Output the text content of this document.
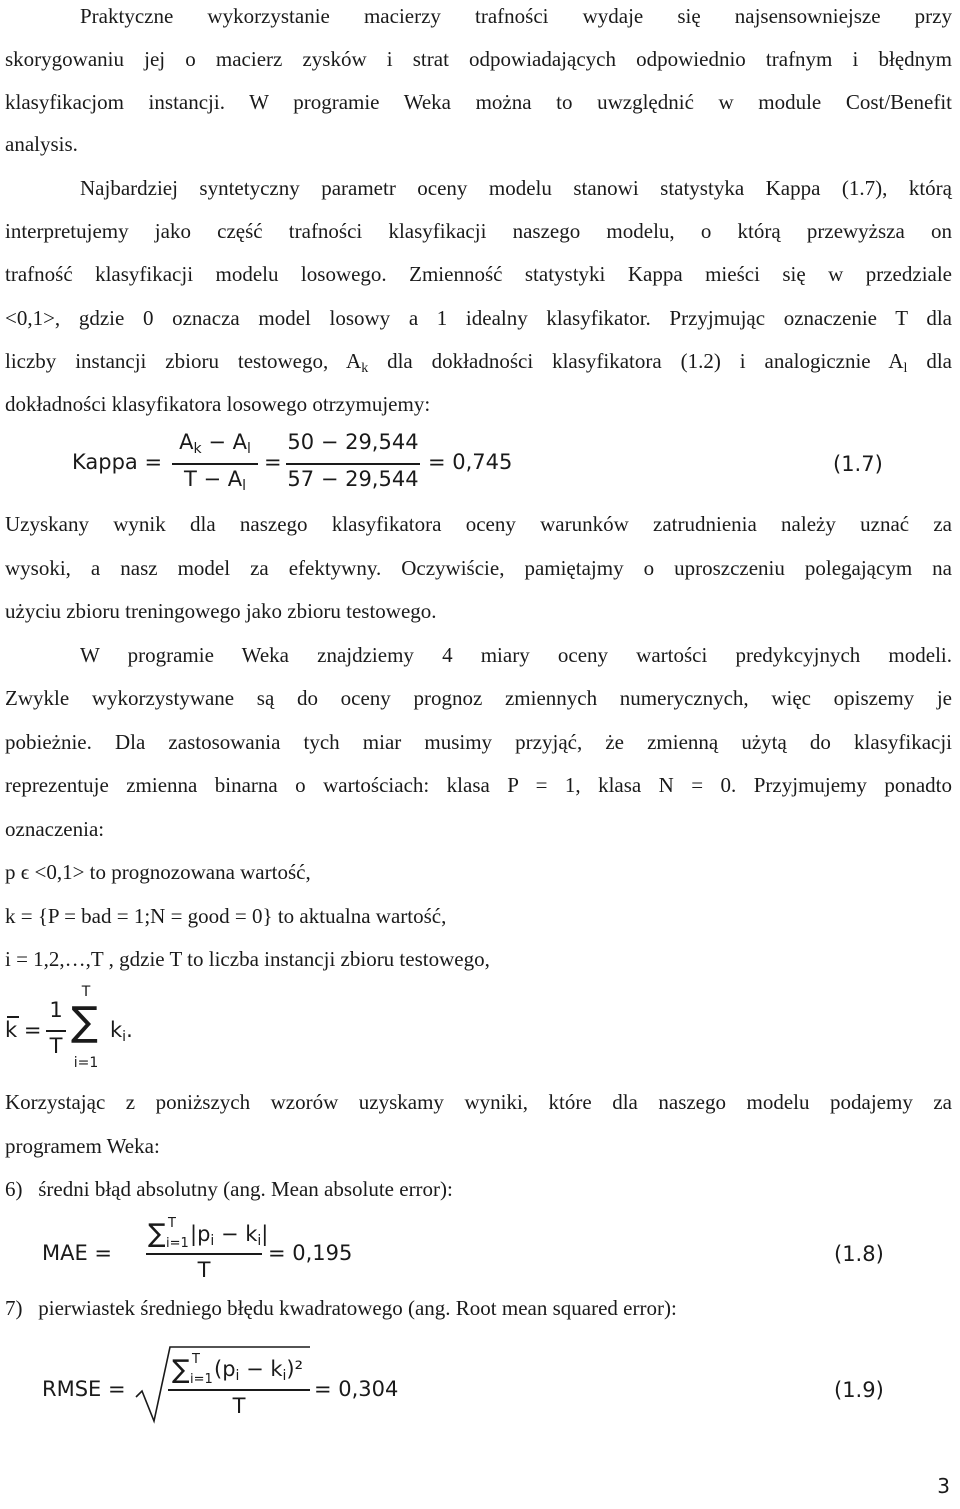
Praktyczne wykorzystanie macierzy trafności wydaje się najsensowniejsze przy
skorygowaniu jej o macierz zysków i strat odpowiadających odpowiednio trafnym i błędnym
klasyfikacjom instancji. W programie Weka można to uwzględnić w module Cost/Benefit
analysis.
Najbardziej syntetyczny parametr oceny modelu stanowi statystyka Kappa (1.7), którą
interpretujemy jako część trafności klasyfikacji naszego modelu, o którą przewyższa on
trafność klasyfikacji modelu losowego. Zmienność statystyki Kappa mieści się w przedziale
<0,1>, gdzie 0 oznacza model losowy a 1 idealny klasyfikator. Przyjmując oznaczenie T dla
liczby instancji zbioru testowego, $A_k$ dla dokładności klasyfikatora (1.2) i analogicznie $A_l$ dla
dokładności klasyfikatora losowego otrzymujemy:
Kappa =
$A_k - A_l$
$T - A_l$
=
50 − 29,544
57 − 29,544
= 0,745	(1.7)
Uzyskany wynik dla naszego klasyfikatora oceny warunków zatrudnienia należy uznać za
wysoki, a nasz model za efektywny. Oczywiście, pamiętajmy o uproszczeniu polegającym na
użyciu zbioru treningowego jako zbioru testowego.
W programie Weka znajdziemy 4 miary oceny wartości predykcyjnych modeli.
Zwykle wykorzystywane są do oceny prognoz zmiennych numerycznych, więc opiszemy je
pobieżnie. Dla zastosowania tych miar musimy przyjąć, że zmienną użytą do klasyfikacji
reprezentuje zmienna binarna o wartościach: klasa P = 1, klasa N = 0. Przyjmujemy ponadto
oznaczenia:
p ϵ <0,1> to prognozowana wartość,
k = {P = bad = 1;N = good = 0} to aktualna wartość,
i = 1,2,…,T , gdzie T to liczba instancji zbioru testowego,
k =
1
T
T
∑
i=1
$k_i$.
Korzystając z poniższych wzorów uzyskamy wyniki, które dla naszego modelu podajemy za
programem Weka:
6)   średni błąd absolutny (ang. Mean absolute error):
MAE =
∑ T
i=1 $|p_i - k_i|$
T
= 0,195	(1.8)
7)   pierwiastek średniego błędu kwadratowego (ang. Root mean squared error):
RMSE =
∑ T
i=1 $(p_i - k_i)^2$
T
= 0,304	(1.9)
3
